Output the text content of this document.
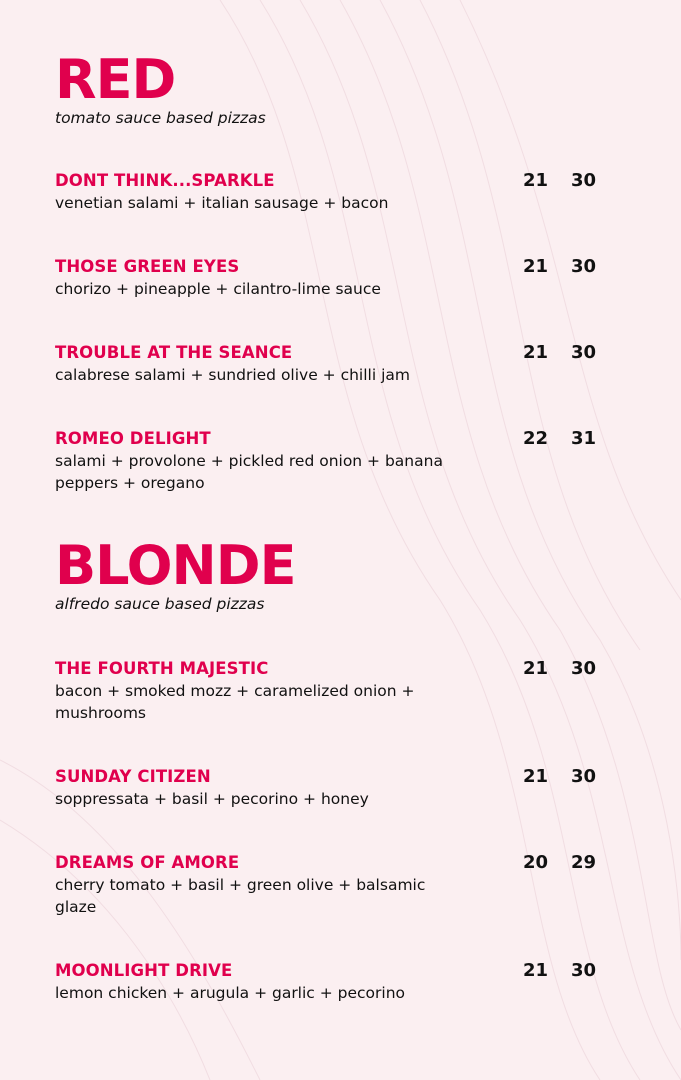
RED

tomato sauce based pizzas

DONT THINK...SPARKLE
venetian salami + italian sausage + bacon
21 30
THOSE GREEN EYES
chorizo + pineapple + cilantro-lime sauce
21 30
TROUBLE AT THE SEANCE
calabrese salami + sundried olive + chilli jam
21 30
ROMEO DELIGHT
salami + provolone + pickled red onion + banana peppers + oregano
22 31
BLONDE

alfredo sauce based pizzas

THE FOURTH MAJESTIC
bacon + smoked mozz + caramelized onion + mushrooms
21 30
SUNDAY CITIZEN
soppressata + basil + pecorino + honey
21 30
DREAMS OF AMORE
cherry tomato + basil + green olive + balsamic glaze
20 29
MOONLIGHT DRIVE
lemon chicken + arugula + garlic + pecorino
21 30
